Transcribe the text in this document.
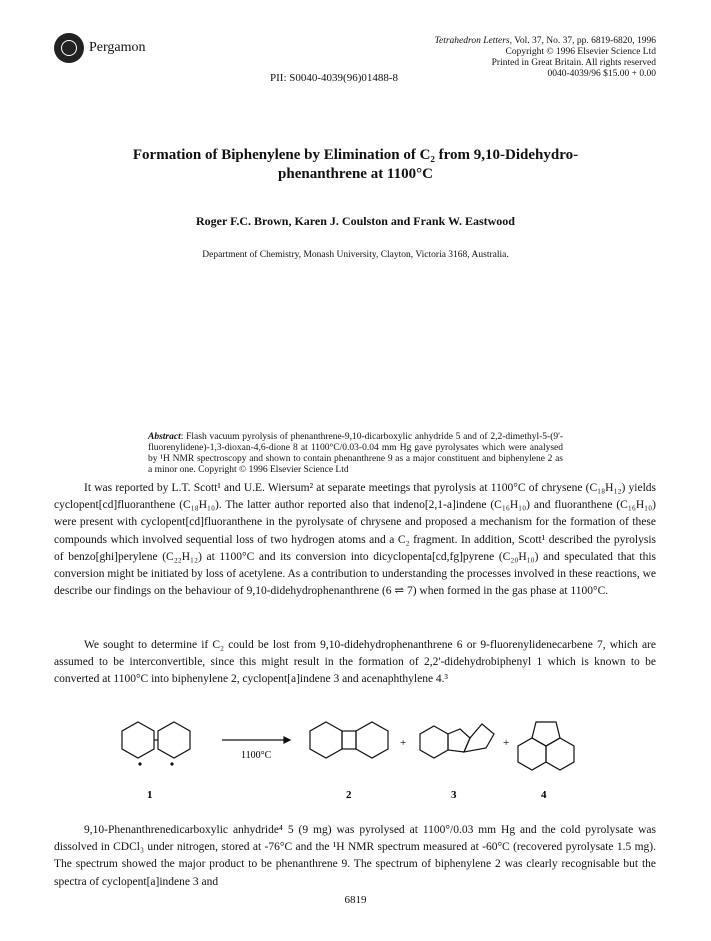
Pergamon	Tetrahedron Letters, Vol. 37, No. 37, pp. 6819-6820, 1996
Copyright © 1996 Elsevier Science Ltd
Printed in Great Britain. All rights reserved
0040-4039/96 $15.00 + 0.00
PII: S0040-4039(96)01488-8
Formation of Biphenylene by Elimination of C₂ from 9,10-Didehydro-
phenanthrene at 1100°C
Roger F.C. Brown, Karen J. Coulston and Frank W. Eastwood
Department of Chemistry, Monash University, Clayton, Victoria 3168, Australia.
Abstract: Flash vacuum pyrolysis of phenanthrene-9,10-dicarboxylic anhydride 5 and of 2,2-dimethyl-5-(9'-fluorenylidene)-1,3-dioxan-4,6-dione 8 at 1100°C/0.03-0.04 mm Hg gave pyrolysates which were analysed by ¹H NMR spectroscopy and shown to contain phenanthrene 9 as a major constituent and biphenylene 2 as a minor one. Copyright © 1996 Elsevier Science Ltd
It was reported by L.T. Scott¹ and U.E. Wiersum² at separate meetings that pyrolysis at 1100°C of chrysene (C₁₈H₁₂) yields cyclopent[cd]fluoranthene (C₁₈H₁₀). The latter author reported also that indeno[2,1-a]indene (C₁₆H₁₀) and fluoranthene (C₁₆H₁₀) were present with cyclopent[cd]fluoranthene in the pyrolysate of chrysene and proposed a mechanism for the formation of these compounds which involved sequential loss of two hydrogen atoms and a C₂ fragment. In addition, Scott¹ described the pyrolysis of benzo[ghi]perylene (C₂₂H₁₂) at 1100°C and its conversion into dicyclopenta[cd,fg]pyrene (C₂₀H₁₀) and speculated that this conversion might be initiated by loss of acetylene. As a contribution to understanding the processes involved in these reactions, we describe our findings on the behaviour of 9,10-didehydrophenanthrene (6 ⇌ 7) when formed in the gas phase at 1100°C.
We sought to determine if C₂ could be lost from 9,10-didehydrophenanthrene 6 or 9-fluorenylidenecarbene 7, which are assumed to be interconvertible, since this might result in the formation of 2,2'-didehydrobiphenyl 1 which is known to be converted at 1100°C into biphenylene 2, cyclopent[a]indene 3 and acenaphthylene 4.³
1100°C
+	+
1	2	3	4
9,10-Phenanthrenedicarboxylic anhydride⁴ 5 (9 mg) was pyrolysed at 1100°/0.03 mm Hg and the cold pyrolysate was dissolved in CDCl₃ under nitrogen, stored at -76°C and the ¹H NMR spectrum measured at -60°C (recovered pyrolysate 1.5 mg). The spectrum showed the major product to be phenanthrene 9. The spectrum of biphenylene 2 was clearly recognisable but the spectra of cyclopent[a]indene 3 and
6819
